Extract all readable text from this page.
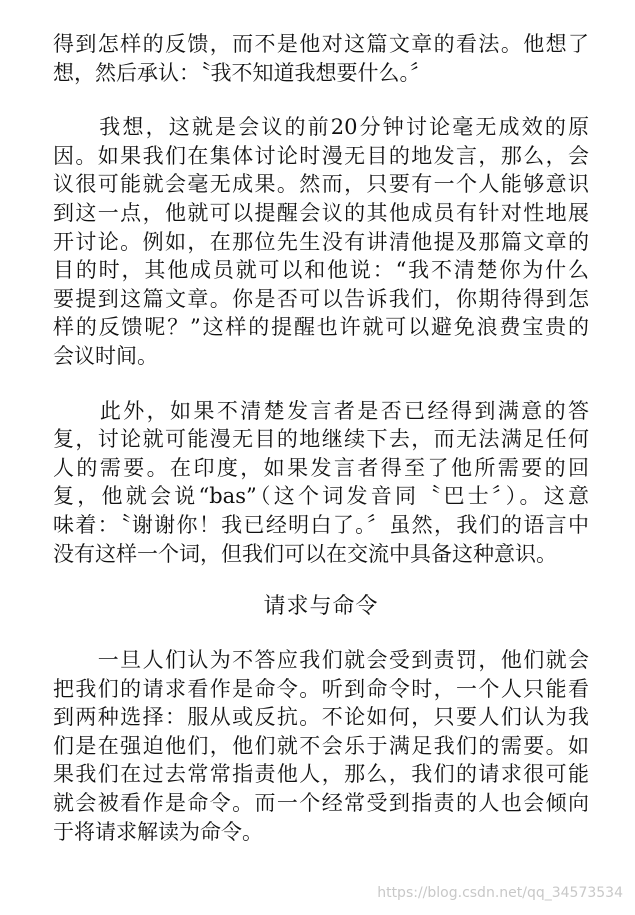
得到怎样的反馈，而不是他对这篇文章的看法。他想了
想，然后承认：〝我不知道我想要什么。〞
　　我想，这就是会议的前20分钟讨论毫无成效的原
因。如果我们在集体讨论时漫无目的地发言，那么，会
议很可能就会毫无成果。然而，只要有一个人能够意识
到这一点，他就可以提醒会议的其他成员有针对性地展
开讨论。例如，在那位先生没有讲清他提及那篇文章的
目的时，其他成员就可以和他说：“我不清楚你为什么
要提到这篇文章。你是否可以告诉我们，你期待得到怎
样的反馈呢？”这样的提醒也许就可以避免浪费宝贵的
会议时间。
　　此外，如果不清楚发言者是否已经得到满意的答
复，讨论就可能漫无目的地继续下去，而无法满足任何
人的需要。在印度，如果发言者得至了他所需要的回
复，他就会说“bas”（这个词发音同〝巴士〞）。这意
味着：〝谢谢你！我已经明白了。〞虽然，我们的语言中
没有这样一个词，但我们可以在交流中具备这种意识。
请求与命令
　　一旦人们认为不答应我们就会受到责罚，他们就会
把我们的请求看作是命令。听到命令时，一个人只能看
到两种选择：服从或反抗。不论如何，只要人们认为我
们是在强迫他们，他们就不会乐于满足我们的需要。如
果我们在过去常常指责他人，那么，我们的请求很可能
就会被看作是命令。而一个经常受到指责的人也会倾向
于将请求解读为命令。
https://blog.csdn.net/qq_34573534
